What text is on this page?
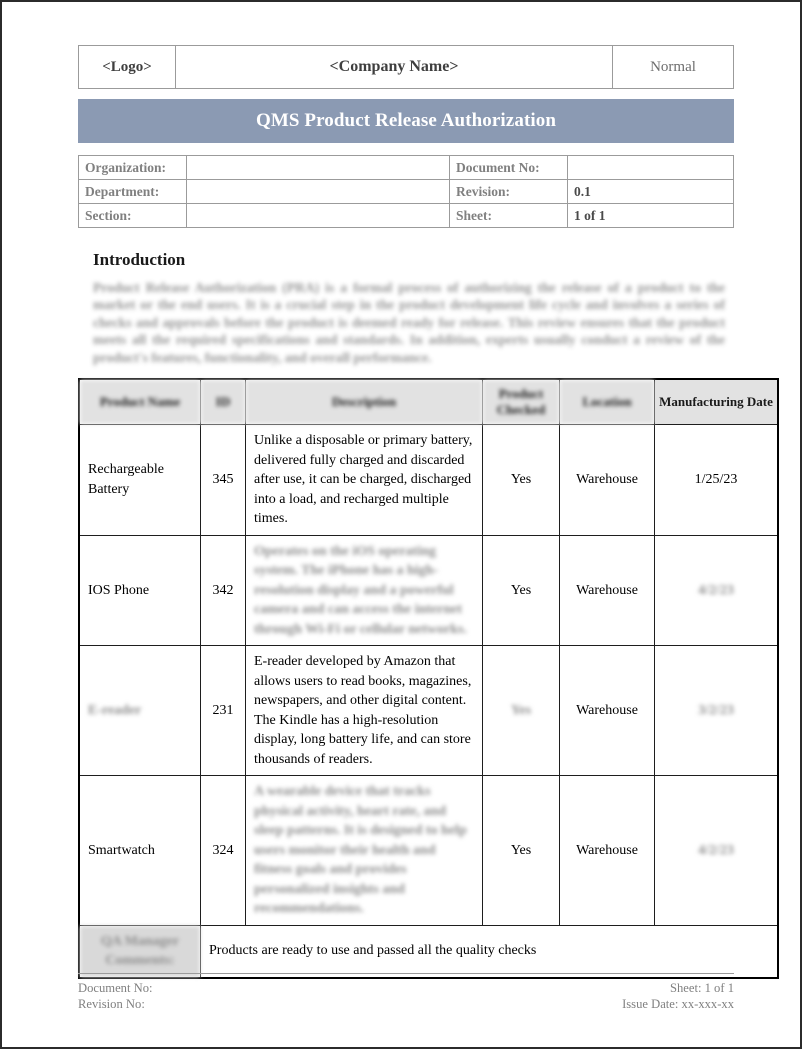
<Logo>	<Company Name>	Normal
QMS Product Release Authorization
Organization:		Document No:	
Department:		Revision:	0.1
Section:		Sheet:	1 of 1
Introduction

Product Release Authorization (PRA) is a formal process of authorizing the release of a product to the market or the end users. It is a crucial step in the product development life cycle and involves a series of checks and approvals before the product is deemed ready for release. This review ensures that the product meets all the required specifications and standards. In addition, experts usually conduct a review of the product's features, functionality, and overall performance.

Product Name	ID	Description	Product Checked	Location	Manufacturing Date
Rechargeable Battery	345	Unlike a disposable or primary battery, delivered fully charged and discarded after use, it can be charged, discharged into a load, and recharged multiple times.	Yes	Warehouse	1/25/23
IOS Phone	342	Operates on the iOS operating system. The iPhone has a high-resolution display and a powerful camera and can access the internet through Wi-Fi or cellular networks.	Yes	Warehouse	4/2/23
E-reader	231	E-reader developed by Amazon that allows users to read books, magazines, newspapers, and other digital content. The Kindle has a high-resolution display, long battery life, and can store thousands of readers.	Yes	Warehouse	3/2/23
Smartwatch	324	A wearable device that tracks physical activity, heart rate, and sleep patterns. It is designed to help users monitor their health and fitness goals and provides personalized insights and recommendations.	Yes	Warehouse	4/2/23
QA Manager Comments:	Products are ready to use and passed all the quality checks				
Document No:
Revision No:
Sheet: 1 of 1
Issue Date: xx-xxx-xx
